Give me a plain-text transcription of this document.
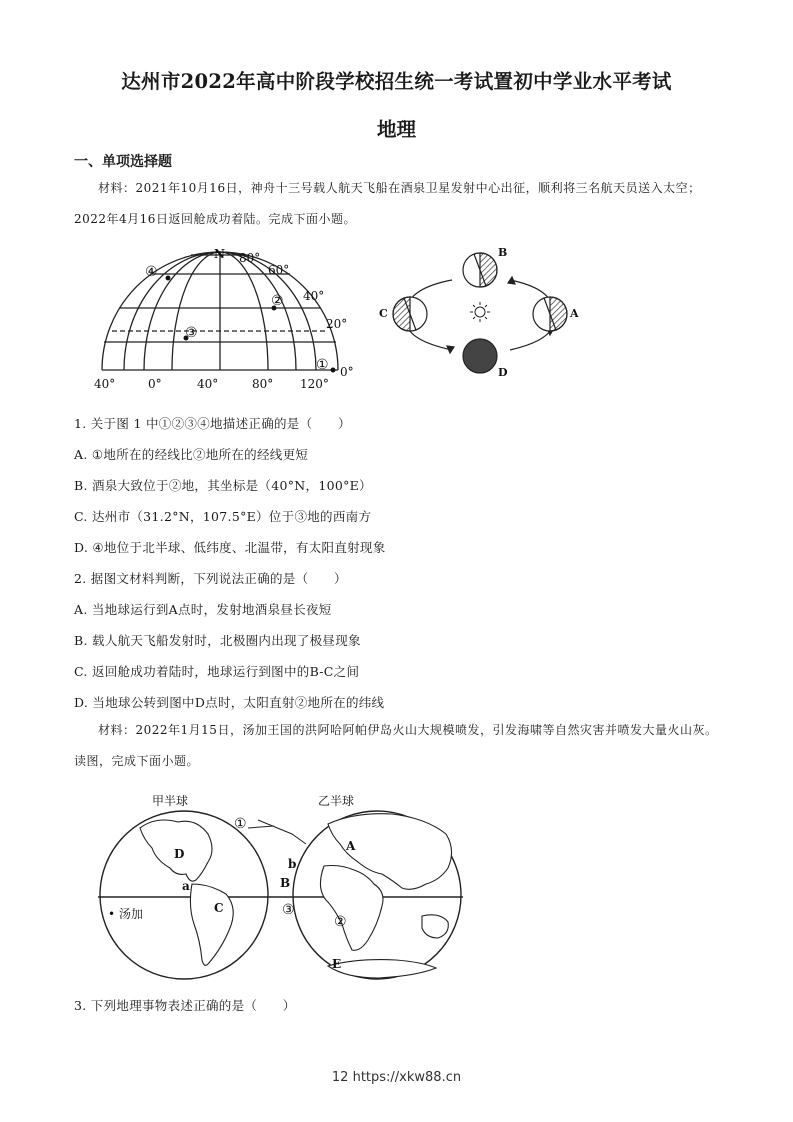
达州市2022年高中阶段学校招生统一考试置初中学业水平考试
地理
一、单项选择题
材料：2021年10月16日，神舟十三号载人航天飞船在酒泉卫星发射中心出征，顺利将三名航天员送入太空；2022年4月16日返回舱成功着陆。完成下面小题。
N 80°
60°
40°
20°
0°
40°	0°	40°	80° 120°
④
②
③
①
B
C	A
D
1. 关于图 1 中①②③④地描述正确的是（　　）
A. ①地所在的经线比②地所在的经线更短
B. 酒泉大致位于②地，其坐标是（40°N，100°E）
C. 达州市（31.2°N，107.5°E）位于③地的西南方
D. ④地位于北半球、低纬度、北温带，有太阳直射现象
2. 据图文材料判断，下列说法正确的是（　　）
A. 当地球运行到A点时，发射地酒泉昼长夜短
B. 载人航天飞船发射时，北极圈内出现了极昼现象
C. 返回舱成功着陆时，地球运行到图中的B-C之间
D. 当地球公转到图中D点时，太阳直射②地所在的纬线
材料：2022年1月15日，汤加王国的洪阿哈阿帕伊岛火山大规模喷发，引发海啸等自然灾害并喷发大量火山灰。读图，完成下面小题。
甲半球	乙半球
D
a
C
• 汤加
①
b
A
B
③
②
E
3. 下列地理事物表述正确的是（　　）
12 https://xkw88.cn
